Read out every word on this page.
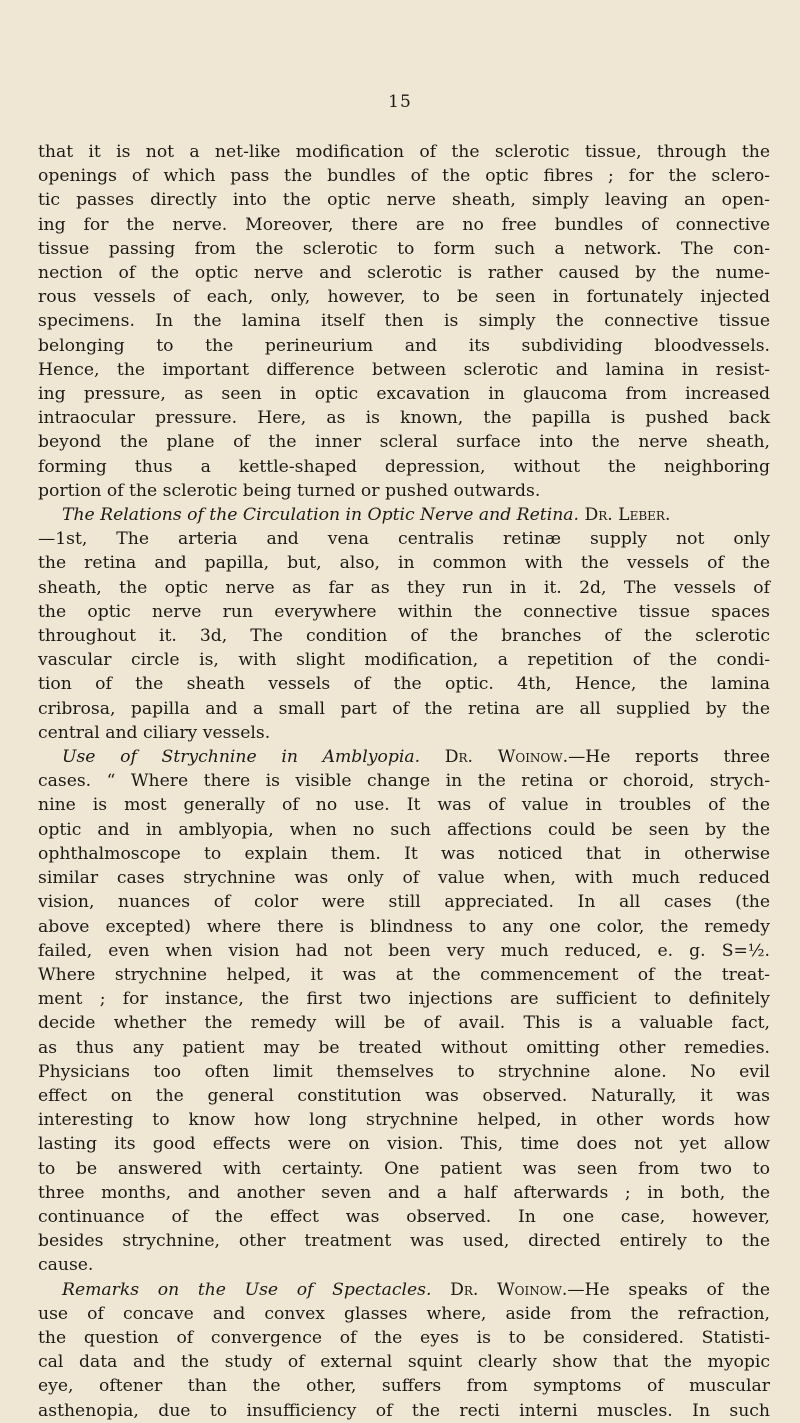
15
that it is not a net-like modification of the sclerotic tissue, through the
openings of which pass the bundles of the optic fibres ; for the sclero-
tic passes directly into the optic nerve sheath, simply leaving an open-
ing for the nerve. Moreover, there are no free bundles of connective
tissue passing from the sclerotic to form such a network. The con-
nection of the optic nerve and sclerotic is rather caused by the nume-
rous vessels of each, only, however, to be seen in fortunately injected
specimens. In the lamina itself then is simply the connective tissue
belonging to the perineurium and its subdividing bloodvessels.
Hence, the important difference between sclerotic and lamina in resist-
ing pressure, as seen in optic excavation in glaucoma from increased
intraocular pressure. Here, as is known, the papilla is pushed back
beyond the plane of the inner scleral surface into the nerve sheath,
forming thus a kettle-shaped depression, without the neighboring
portion of the sclerotic being turned or pushed outwards.
The Relations of the Circulation in Optic Nerve and Retina. Dr. Leber.
—1st, The arteria and vena centralis retinæ supply not only
the retina and papilla, but, also, in common with the vessels of the
sheath, the optic nerve as far as they run in it. 2d, The vessels of
the optic nerve run everywhere within the connective tissue spaces
throughout it. 3d, The condition of the branches of the sclerotic
vascular circle is, with slight modification, a repetition of the condi-
tion of the sheath vessels of the optic. 4th, Hence, the lamina
cribrosa, papilla and a small part of the retina are all supplied by the
central and ciliary vessels.
Use of Strychnine in Amblyopia. Dr. Woinow.—He reports three
cases. “ Where there is visible change in the retina or choroid, strych-
nine is most generally of no use. It was of value in troubles of the
optic and in amblyopia, when no such affections could be seen by the
ophthalmoscope to explain them. It was noticed that in otherwise
similar cases strychnine was only of value when, with much reduced
vision, nuances of color were still appreciated. In all cases (the
above excepted) where there is blindness to any one color, the remedy
failed, even when vision had not been very much reduced, e. g. S=½.
Where strychnine helped, it was at the commencement of the treat-
ment ; for instance, the first two injections are sufficient to definitely
decide whether the remedy will be of avail. This is a valuable fact,
as thus any patient may be treated without omitting other remedies.
Physicians too often limit themselves to strychnine alone. No evil
effect on the general constitution was observed. Naturally, it was
interesting to know how long strychnine helped, in other words how
lasting its good effects were on vision. This, time does not yet allow
to be answered with certainty. One patient was seen from two to
three months, and another seven and a half afterwards ; in both, the
continuance of the effect was observed. In one case, however,
besides strychnine, other treatment was used, directed entirely to the
cause.
Remarks on the Use of Spectacles. Dr. Woinow.—He speaks of the
use of concave and convex glasses where, aside from the refraction,
the question of convergence of the eyes is to be considered. Statisti-
cal data and the study of external squint clearly show that the myopic
eye, oftener than the other, suffers from symptoms of muscular
asthenopia, due to insufficiency of the recti interni muscles. In such
